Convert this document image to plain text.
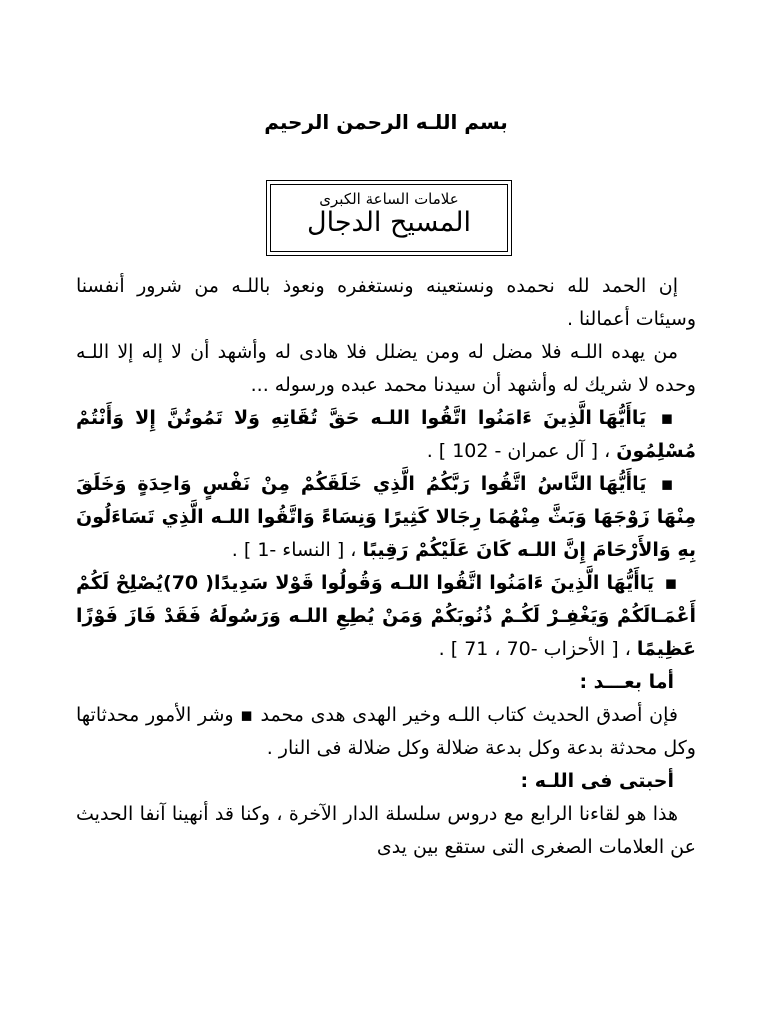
بسم اللـه الرحمن الرحيم
علامات الساعة الكبرى
المسيح الدجال

إن الحمد لله نحمده ونستعينه ونستغفره ونعوذ باللـه من شرور أنفسنا وسيئات أعمالنا .

من يهده اللـه فلا مضل له ومن يضلل فلا هادى له وأشهد أن لا إله إلا اللـه وحده لا شريك له وأشهد أن سيدنا محمد عبده ورسوله ...

▪ يَاأَيُّهَا الَّذِينَ ءَامَنُوا اتَّقُوا اللـه حَقَّ تُقَاتِهِ وَلا تَمُوتُنَّ إِلا وَأَنْتُمْ مُسْلِمُونَ ، [ آل عمران - 102 ] .

▪ يَاأَيُّهَا النَّاسُ اتَّقُوا رَبَّكُمُ الَّذِي خَلَقَكُمْ مِنْ نَفْسٍ وَاحِدَةٍ وَخَلَقَ مِنْهَا زَوْجَهَا وَبَثَّ مِنْهُمَا رِجَالا كَثِيرًا وَنِسَاءً وَاتَّقُوا اللـه الَّذِي تَسَاءَلُونَ بِهِ وَالأَرْحَامَ إِنَّ اللـه كَانَ عَلَيْكُمْ رَقِيبًا ، [ النساء -1 ] .

▪ يَاأَيُّهَا الَّذِينَ ءَامَنُوا اتَّقُوا اللـه وَقُولُوا قَوْلا سَدِيدًا( 70)يُصْلِحْ لَكُمْ أَعْمَـالَكُمْ وَيَغْفِـرْ لَكُـمْ ذُنُوبَكُمْ وَمَنْ يُطِعِ اللـه وَرَسُولَهُ فَقَدْ فَازَ فَوْزًا عَظِيمًا ، [ الأحزاب -70 ، 71 ] .

أما بعـــد :

فإن أصدق الحديث كتاب اللـه وخير الهدى هدى محمد ▪ وشر الأمور محدثاتها وكل محدثة بدعة وكل بدعة ضلالة وكل ضلالة فى النار .

أحبتى فى اللـه :

هذا هو لقاءنا الرابع مع دروس سلسلة الدار الآخرة ، وكنا قد أنهينا آنفا الحديث عن العلامات الصغرى التى ستقع بين يدى
